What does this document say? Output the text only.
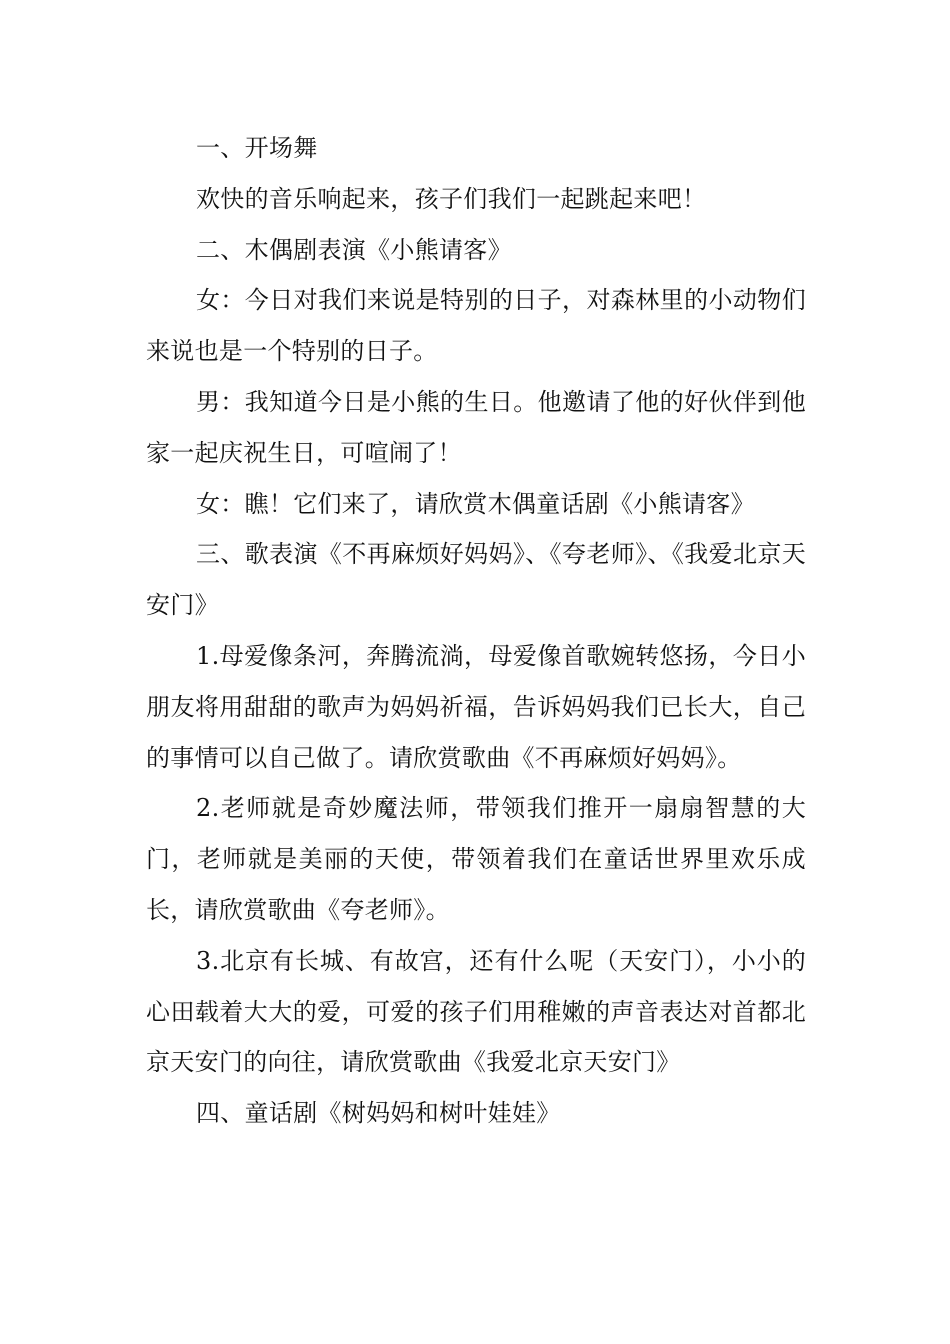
一、开场舞

欢快的音乐响起来，孩子们我们一起跳起来吧！

二、木偶剧表演《小熊请客》

女：今日对我们来说是特别的日子，对森林里的小动物们来说也是一个特别的日子。

男：我知道今日是小熊的生日。他邀请了他的好伙伴到他家一起庆祝生日，可喧闹了！

女：瞧！它们来了，请欣赏木偶童话剧《小熊请客》

三、歌表演《不再麻烦好妈妈》、《夸老师》、《我爱北京天安门》

1.母爱像条河，奔腾流淌，母爱像首歌婉转悠扬，今日小朋友将用甜甜的歌声为妈妈祈福，告诉妈妈我们已长大，自己的事情可以自己做了。请欣赏歌曲《不再麻烦好妈妈》。

2.老师就是奇妙魔法师，带领我们推开一扇扇智慧的大门，老师就是美丽的天使，带领着我们在童话世界里欢乐成长，请欣赏歌曲《夸老师》。

3.北京有长城、有故宫，还有什么呢（天安门），小小的心田载着大大的爱，可爱的孩子们用稚嫩的声音表达对首都北京天安门的向往，请欣赏歌曲《我爱北京天安门》

四、童话剧《树妈妈和树叶娃娃》
